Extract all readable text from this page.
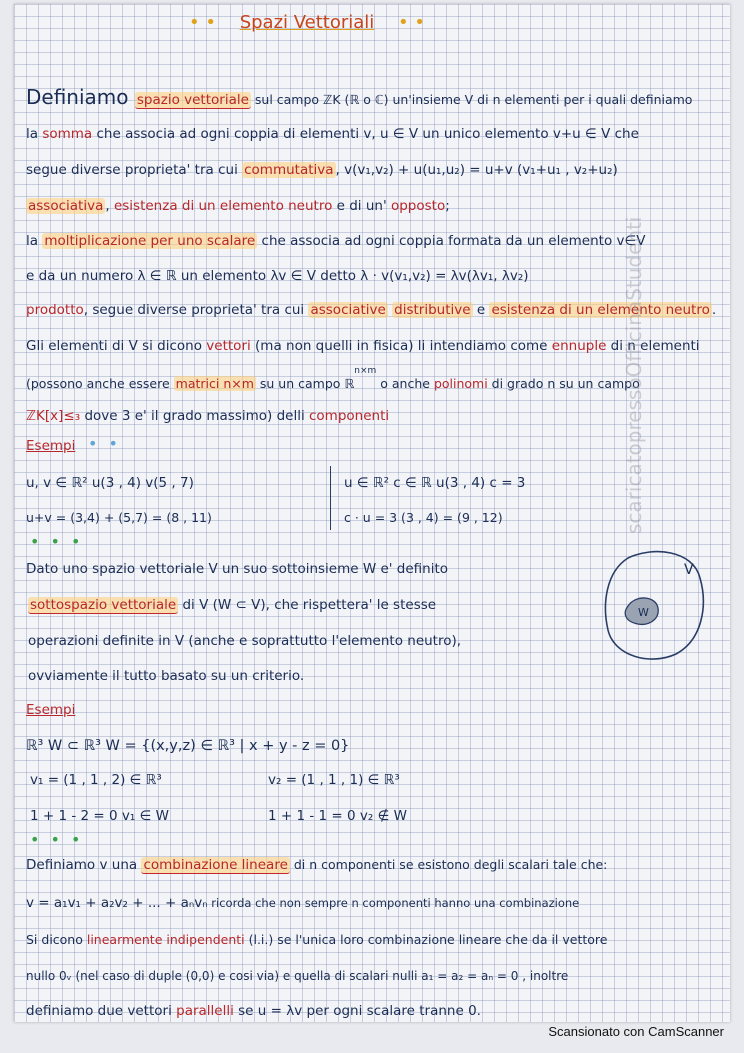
• • Spazi Vettoriali • •
Definiamo spazio vettoriale sul campo ℤK (ℝ o ℂ) un'insieme V di n elementi per i quali definiamo
la somma che associa ad ogni coppia di elementi v, u ∈ V un unico elemento v+u ∈ V che
segue diverse proprieta' tra cui commutativa , v(v₁,v₂) + u(u₁,u₂) = u+v (v₁+u₁ , v₂+u₂)
associativa , esistenza di un elemento neutro e di un' opposto;
la moltiplicazione per uno scalare che associa ad ogni coppia formata da un elemento v∈V
e da un numero λ ∈ ℝ un elemento λv ∈ V detto λ · v(v₁,v₂) = λv(λv₁, λv₂)
prodotto, segue diverse proprieta' tra cui associative distributive e esistenza di un elemento neutro .
Gli elementi di V si dicono vettori (ma non quelli in fisica) li intendiamo come ennuple di n elementi
(possono anche essere matrici n×m su un campo ℝ$^{n\times m}$ o anche polinomi di grado n su un campo
ℤK[x]≤₃ dove 3 e' il grado massimo) delli componenti
Esempi • •
u, v ∈ ℝ² u(3 , 4) v(5 , 7)
u+v = (3,4) + (5,7) = (8 , 11)
u ∈ ℝ² c ∈ ℝ u(3 , 4) c = 3
c · u = 3 (3 , 4) = (9 , 12)
• • •
Dato uno spazio vettoriale V un suo sottoinsieme W e' definito
sottospazio vettoriale di V (W ⊂ V), che rispettera' le stesse
operazioni definite in V (anche e soprattutto l'elemento neutro),
ovviamente il tutto basato su un criterio.
V
W
Esempi
ℝ³ W ⊂ ℝ³ W = {(x,y,z) ∈ ℝ³ | x + y - z = 0}
v₁ = (1 , 1 , 2) ∈ ℝ³	v₂ = (1 , 1 , 1) ∈ ℝ³
1 + 1 - 2 = 0 v₁ ∈ W	1 + 1 - 1 = 0 v₂ ∉ W
• • •
Definiamo v una combinazione lineare di n componenti se esistono degli scalari tale che:
v = a₁v₁ + a₂v₂ + ... + aₙvₙ ricorda che non sempre n componenti hanno una combinazione
Si dicono linearmente indipendenti (l.i.) se l'unica loro combinazione lineare che da il vettore
nullo 0ᵥ (nel caso di duple (0,0) e cosi via) e quella di scalari nulli a₁ = a₂ = aₙ = 0 , inoltre
definiamo due vettori parallelli se u = λv per ogni scalare tranne 0.
scaricatopressoOfficinaStudenti
Scansionato con CamScanner
